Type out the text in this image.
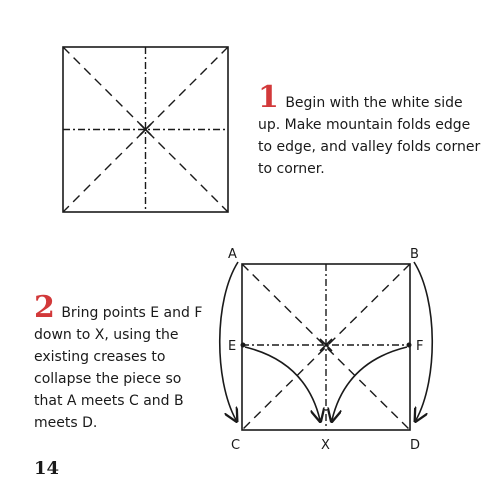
A	B
C	D
E	F
X

1 Begin with the white side up. Make mountain folds edge to edge, and valley folds corner to corner.

2 Bring points E and F down to X, using the existing creases to collapse the piece so that A meets C and B meets D.

14
